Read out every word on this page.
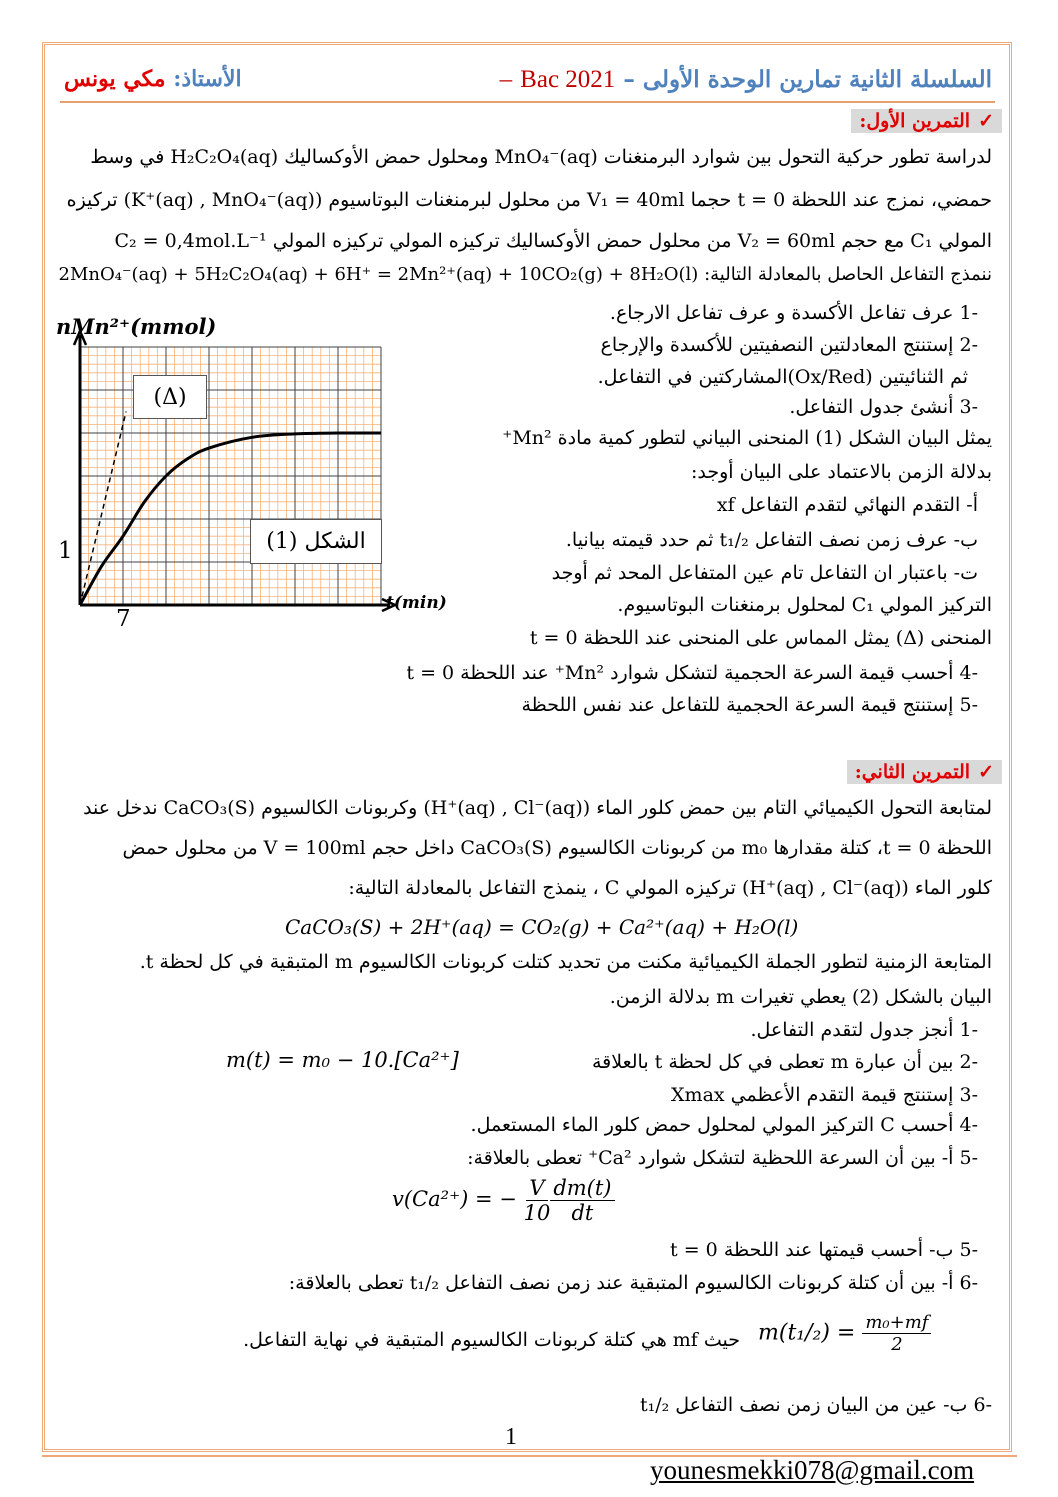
السلسلة الثانية تمارين الوحدة الأولى – Bac 2021 –
الأستاذ: مكي يونس
✓التمرين الأول:
لدراسة تطور حركية التحول بين شوارد البرمنغنات MnO₄⁻(aq) ومحلول حمض الأوكساليك H₂C₂O₄(aq) في وسط
حمضي، نمزج عند اللحظة t = 0 حجما V₁ = 40ml من محلول لبرمنغنات البوتاسيوم (K⁺(aq) , MnO₄⁻(aq)) تركيزه
المولي C₁ مع حجم V₂ = 60ml من محلول حمض الأوكساليك تركيزه المولي تركيزه المولي C₂ = 0,4mol.L⁻¹
ننمذج التفاعل الحاصل بالمعادلة التالية: 2MnO₄⁻(aq) + 5H₂C₂O₄(aq) + 6H⁺ = 2Mn²⁺(aq) + 10CO₂(g) + 8H₂O(l)
-1 عرف تفاعل الأكسدة و عرف تفاعل الارجاع.
-2 إستنتج المعادلتين النصفيتين للأكسدة والإرجاع
ثم الثنائيتين (Ox/Red)المشاركتين في التفاعل.
-3 أنشئ جدول التفاعل.
يمثل البيان الشكل (1) المنحنى البياني لتطور كمية مادة Mn²⁺
بدلالة الزمن بالاعتماد على البيان أوجد:
أ- التقدم النهائي لتقدم التفاعل xf
ب- عرف زمن نصف التفاعل t₁/₂ ثم حدد قيمته بيانيا.
ت- باعتبار ان التفاعل تام عين المتفاعل المحد ثم أوجد
التركيز المولي C₁ لمحلول برمنغنات البوتاسيوم.
المنحنى (Δ) يمثل المماس على المنحنى عند اللحظة t = 0
-4 أحسب قيمة السرعة الحجمية لتشكل شوارد Mn²⁺ عند اللحظة t = 0
-5 إستنتج قيمة السرعة الحجمية للتفاعل عند نفس اللحظة
nMn²⁺(mmol)
t(min)
1
7
(Δ)
الشكل (1)
✓التمرين الثاني:
لمتابعة التحول الكيميائي التام بين حمض كلور الماء (H⁺(aq) , Cl⁻(aq)) وكربونات الكالسيوم CaCO₃(S) ندخل عند
اللحظة t = 0، كتلة مقدارها m₀ من كربونات الكالسيوم CaCO₃(S) داخل حجم V = 100ml من محلول حمض
كلور الماء (H⁺(aq) , Cl⁻(aq)) تركيزه المولي C ، ينمذج التفاعل بالمعادلة التالية:
CaCO₃(S) + 2H⁺(aq) = CO₂(g) + Ca²⁺(aq) + H₂O(l)
المتابعة الزمنية لتطور الجملة الكيميائية مكنت من تحديد كتلت كربونات الكالسيوم m المتبقية في كل لحظة t.
البيان بالشكل (2) يعطي تغيرات m بدلالة الزمن.
-1 أنجز جدول لتقدم التفاعل.
-2 بين أن عبارة m تعطى في كل لحظة t بالعلاقة
m(t) = m₀ − 10.[Ca²⁺]
-3 إستنتج قيمة التقدم الأعظمي Xmax
-4 أحسب C التركيز المولي لمحلول حمض كلور الماء المستعمل.
-5 أ- بين أن السرعة اللحظية لتشكل شوارد Ca²⁺ تعطى بالعلاقة:
v(Ca²⁺) = − $\frac{V}{10} \frac{dm(t)}{dt}$
-5 ب- أحسب قيمتها عند اللحظة t = 0
-6 أ- بين أن كتلة كربونات الكالسيوم المتبقية عند زمن نصف التفاعل t₁/₂ تعطى بالعلاقة:
$m(t_1/_2) = \frac{\text{m₀+mf}}{2}$
حيث mf هي كتلة كربونات الكالسيوم المتبقية في نهاية التفاعل.
-6 ب- عين من البيان زمن نصف التفاعل t₁/₂
1
younesmekki078@gmail.com
